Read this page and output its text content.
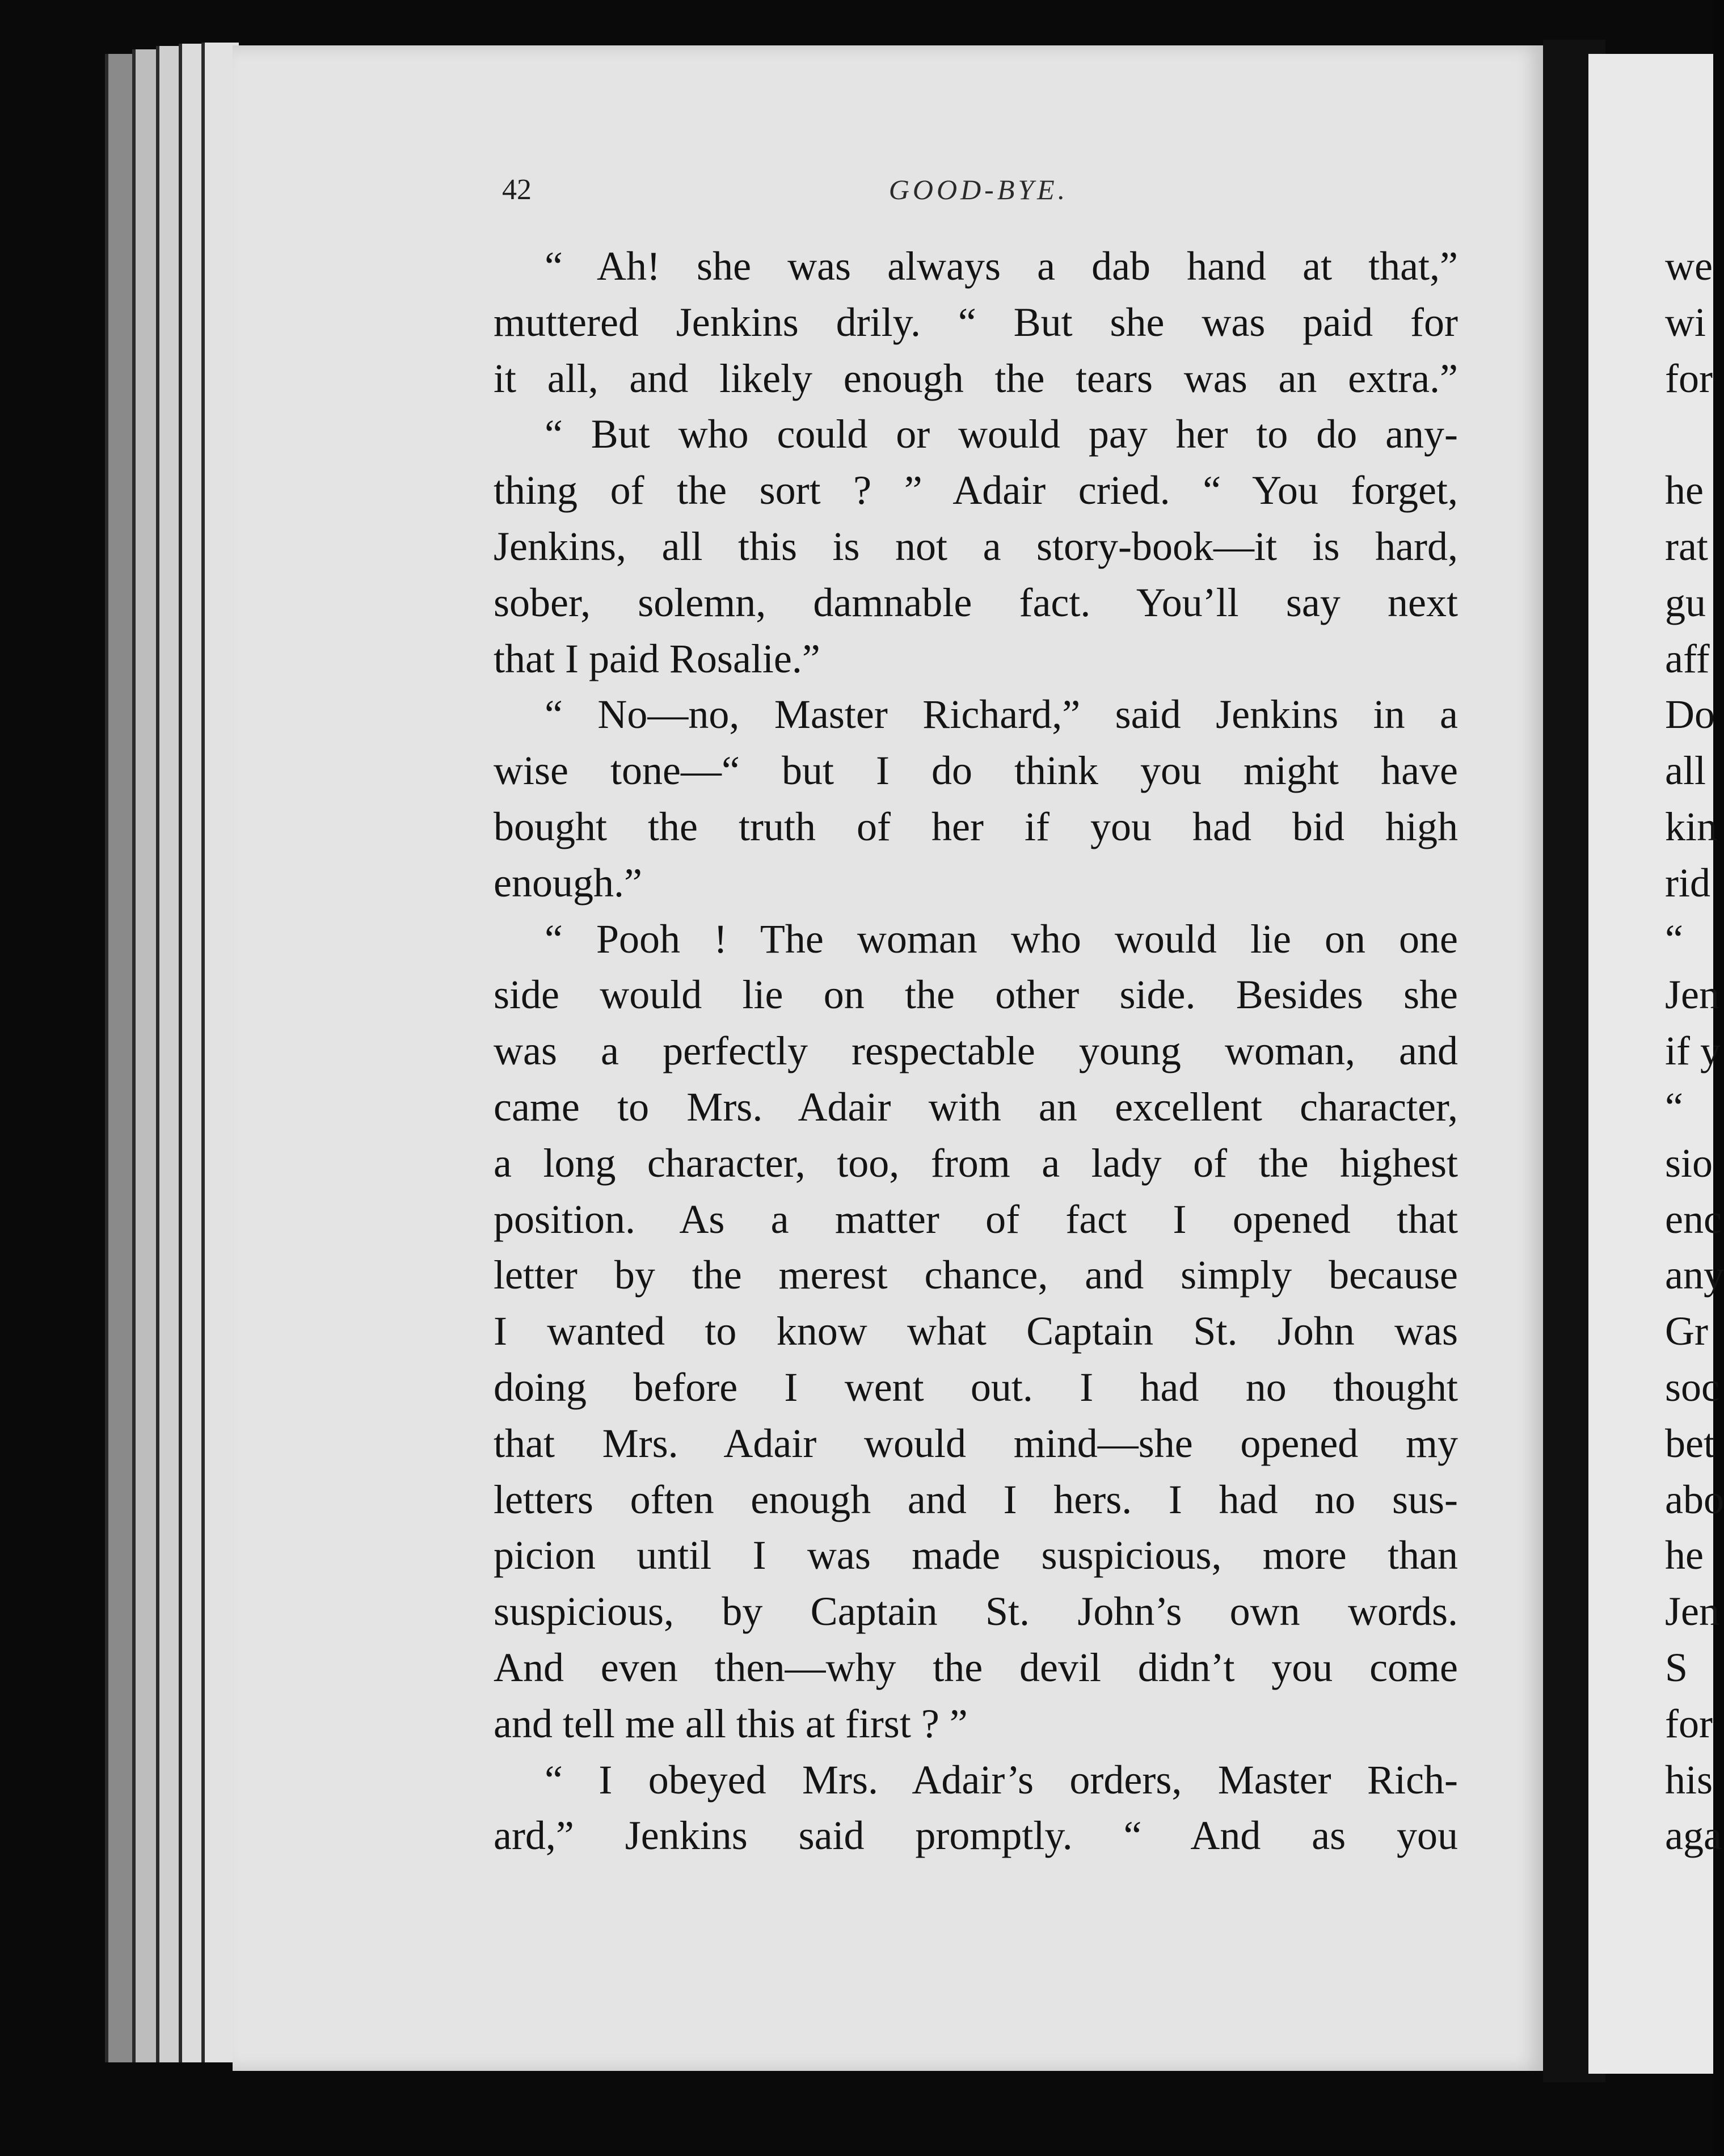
42	GOOD-BYE.
“ Ah! she was always a dab hand at that,”
muttered Jenkins drily. “ But she was paid for
it all, and likely enough the tears was an extra.”
“ But who could or would pay her to do any-
thing of the sort ? ” Adair cried. “ You forget,
Jenkins, all this is not a story-book—it is hard,
sober, solemn, damnable fact. You’ll say next
that I paid Rosalie.”
“ No—no, Master Richard,” said Jenkins in a
wise tone—“ but I do think you might have
bought the truth of her if you had bid high
enough.”
“ Pooh ! The woman who would lie on one
side would lie on the other side. Besides she
was a perfectly respectable young woman, and
came to Mrs. Adair with an excellent character,
a long character, too, from a lady of the highest
position. As a matter of fact I opened that
letter by the merest chance, and simply because
I wanted to know what Captain St. John was
doing before I went out. I had no thought
that Mrs. Adair would mind—she opened my
letters often enough and I hers. I had no sus-
picion until I was made suspicious, more than
suspicious, by Captain St. John’s own words.
And even then—why the devil didn’t you come
and tell me all this at first ? ”
“ I obeyed Mrs. Adair’s orders, Master Rich-
ard,” Jenkins said promptly. “ And as you
we
wi
for
he
rat
gu
aff
Do
all
kin
rid
“
Jen
if y
“
sio
enc
any
Gr
soc
bet
abo
he
Jen
S
for
his
aga
